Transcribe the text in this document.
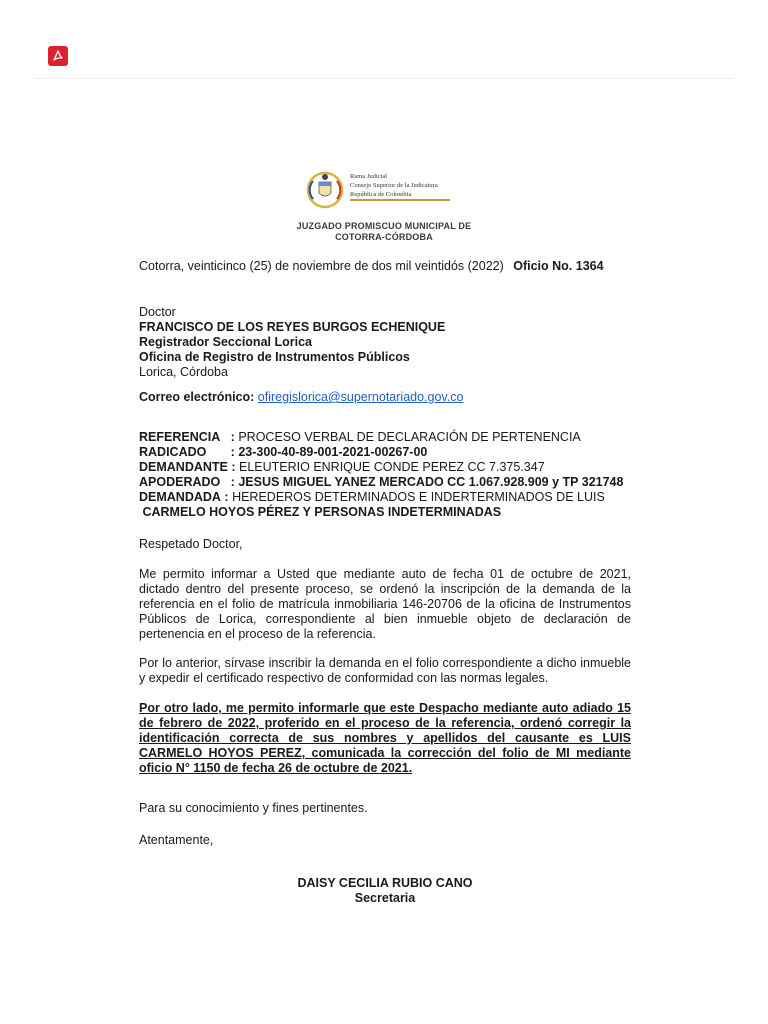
Rama Judicial
Consejo Superior de la Judicatura
República de Colombia
JUZGADO PROMISCUO MUNICIPAL DE
COTORRA-CÓRDOBA
Cotorra, veinticinco (25) de noviembre de dos mil veintidós (2022) Oficio No. 1364
Doctor
FRANCISCO DE LOS REYES BURGOS ECHENIQUE
Registrador Seccional Lorica
Oficina de Registro de Instrumentos Públicos
Lorica, Córdoba
Correo electrónico: ofiregislorica@supernotariado.gov.co
REFERENCIA : PROCESO VERBAL DE DECLARACIÓN DE PERTENENCIA
RADICADO : 23-300-40-89-001-2021-00267-00
DEMANDANTE : ELEUTERIO ENRIQUE CONDE PEREZ CC 7.375.347
APODERADO : JESUS MIGUEL YANEZ MERCADO CC 1.067.928.909 y TP 321748
DEMANDADA : HEREDEROS DETERMINADOS E INDERTERMINADOS DE LUIS
CARMELO HOYOS PÉREZ Y PERSONAS INDETERMINADAS
Respetado Doctor,
Me permito informar a Usted que mediante auto de fecha 01 de octubre de 2021, dictado dentro del presente proceso, se ordenó la inscripción de la demanda de la referencia en el folio de matrícula inmobiliaria 146-20706 de la oficina de Instrumentos Públicos de Lorica, correspondiente al bien inmueble objeto de declaración de pertenencia en el proceso de la referencia.
Por lo anterior, sírvase inscribir la demanda en el folio correspondiente a dicho inmueble y expedir el certificado respectivo de conformidad con las normas legales.
Por otro lado, me permito informarle que este Despacho mediante auto adiado 15 de febrero de 2022, proferido en el proceso de la referencia, ordenó corregir la identificación correcta de sus nombres y apellidos del causante es LUIS CARMELO HOYOS PEREZ, comunicada la corrección del folio de MI mediante oficio N° 1150 de fecha 26 de octubre de 2021.
Para su conocimiento y fines pertinentes.
Atentamente,
DAISY CECILIA RUBIO CANO
Secretaria
